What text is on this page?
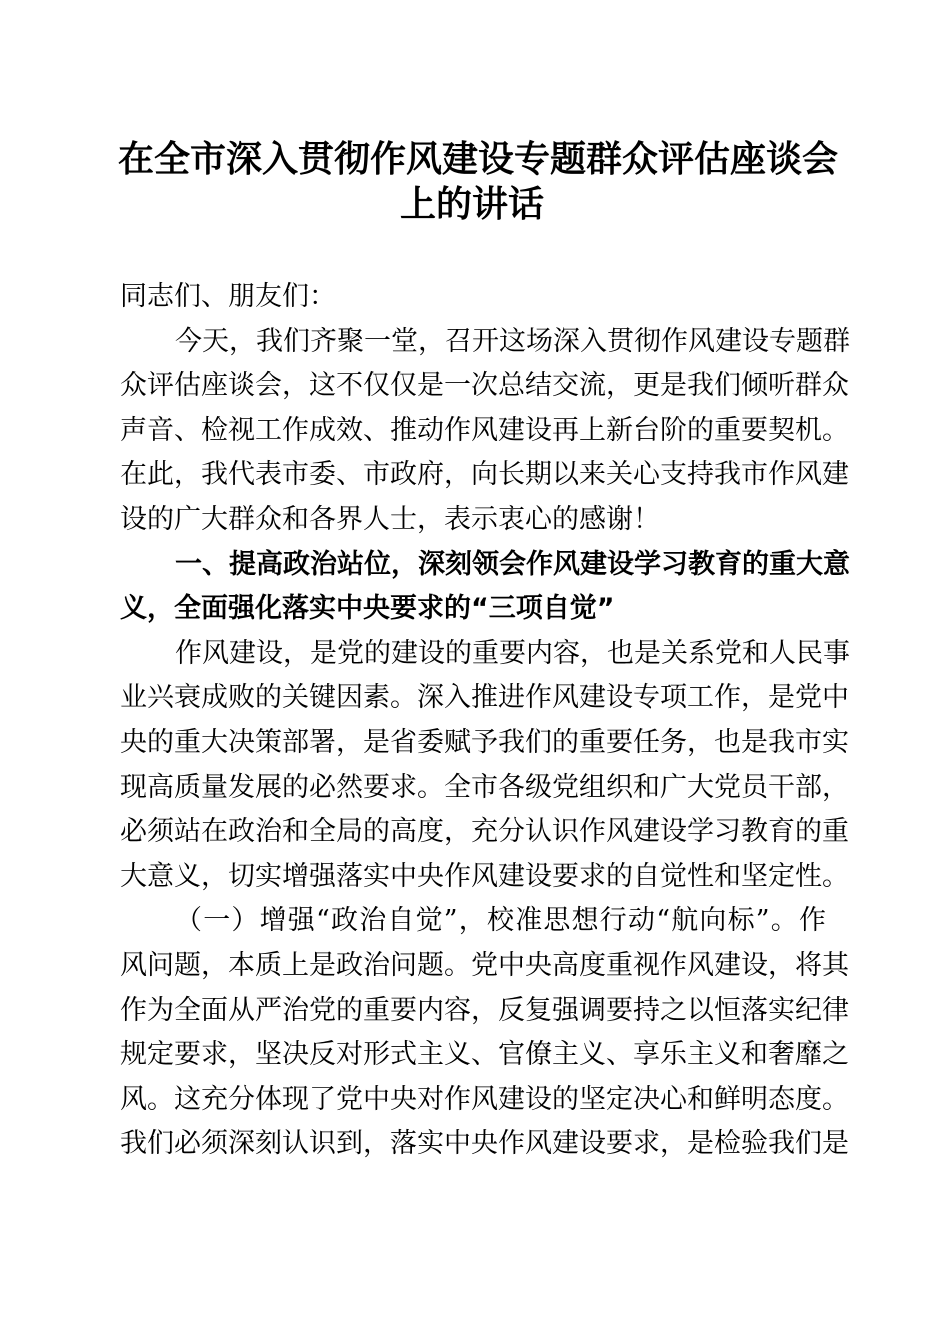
在全市深入贯彻作风建设专题群众评估座谈会
上的讲话
同志们、朋友们：
今天，我们齐聚一堂，召开这场深入贯彻作风建设专题群
众评估座谈会，这不仅仅是一次总结交流，更是我们倾听群众
声音、检视工作成效、推动作风建设再上新台阶的重要契机。
在此，我代表市委、市政府，向长期以来关心支持我市作风建
设的广大群众和各界人士，表示衷心的感谢！
一、提高政治站位，深刻领会作风建设学习教育的重大意
义，全面强化落实中央要求的“三项自觉”
作风建设，是党的建设的重要内容，也是关系党和人民事
业兴衰成败的关键因素。深入推进作风建设专项工作，是党中
央的重大决策部署，是省委赋予我们的重要任务，也是我市实
现高质量发展的必然要求。全市各级党组织和广大党员干部，
必须站在政治和全局的高度，充分认识作风建设学习教育的重
大意义，切实增强落实中央作风建设要求的自觉性和坚定性。
（一）增强“政治自觉”，校准思想行动“航向标”。作
风问题，本质上是政治问题。党中央高度重视作风建设，将其
作为全面从严治党的重要内容，反复强调要持之以恒落实纪律
规定要求，坚决反对形式主义、官僚主义、享乐主义和奢靡之
风。这充分体现了党中央对作风建设的坚定决心和鲜明态度。
我们必须深刻认识到，落实中央作风建设要求，是检验我们是
